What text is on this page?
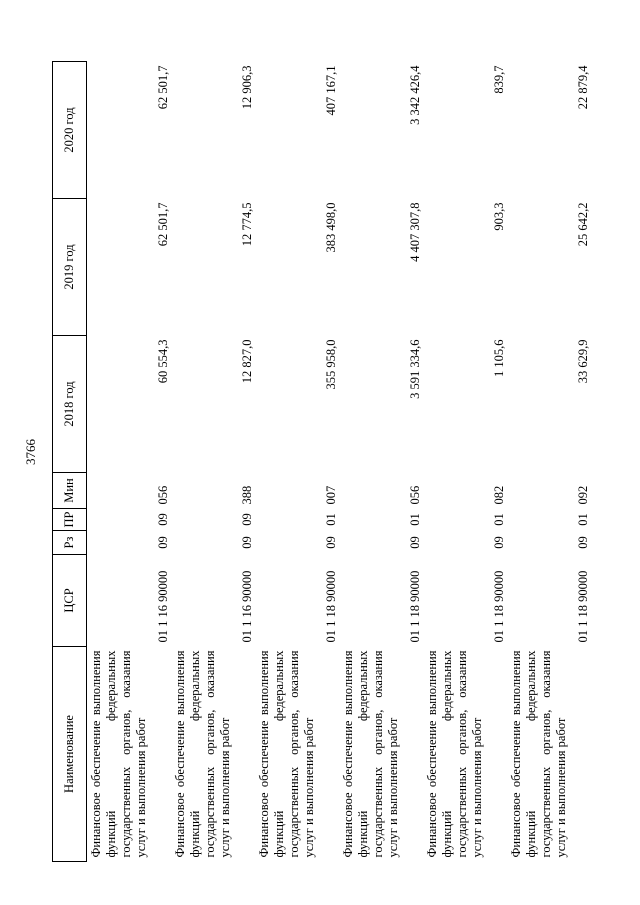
3766
Наименование	ЦСР	Рз	ПР	Мин	2018 год	2019 год	2020 год
Финансовое обеспечение выполнения функций федеральных государственных органов, оказания услуг и выполнения работ	01 1 16 90000	09	09	056	60 554,3	62 501,7	62 501,7
Финансовое обеспечение выполнения функций федеральных государственных органов, оказания услуг и выполнения работ	01 1 16 90000	09	09	388	12 827,0	12 774,5	12 906,3
Финансовое обеспечение выполнения функций федеральных государственных органов, оказания услуг и выполнения работ	01 1 18 90000	09	01	007	355 958,0	383 498,0	407 167,1
Финансовое обеспечение выполнения функций федеральных государственных органов, оказания услуг и выполнения работ	01 1 18 90000	09	01	056	3 591 334,6	4 407 307,8	3 342 426,4
Финансовое обеспечение выполнения функций федеральных государственных органов, оказания услуг и выполнения работ	01 1 18 90000	09	01	082	1 105,6	903,3	839,7
Финансовое обеспечение выполнения функций федеральных государственных органов, оказания услуг и выполнения работ	01 1 18 90000	09	01	092	33 629,9	25 642,2	22 879,4
